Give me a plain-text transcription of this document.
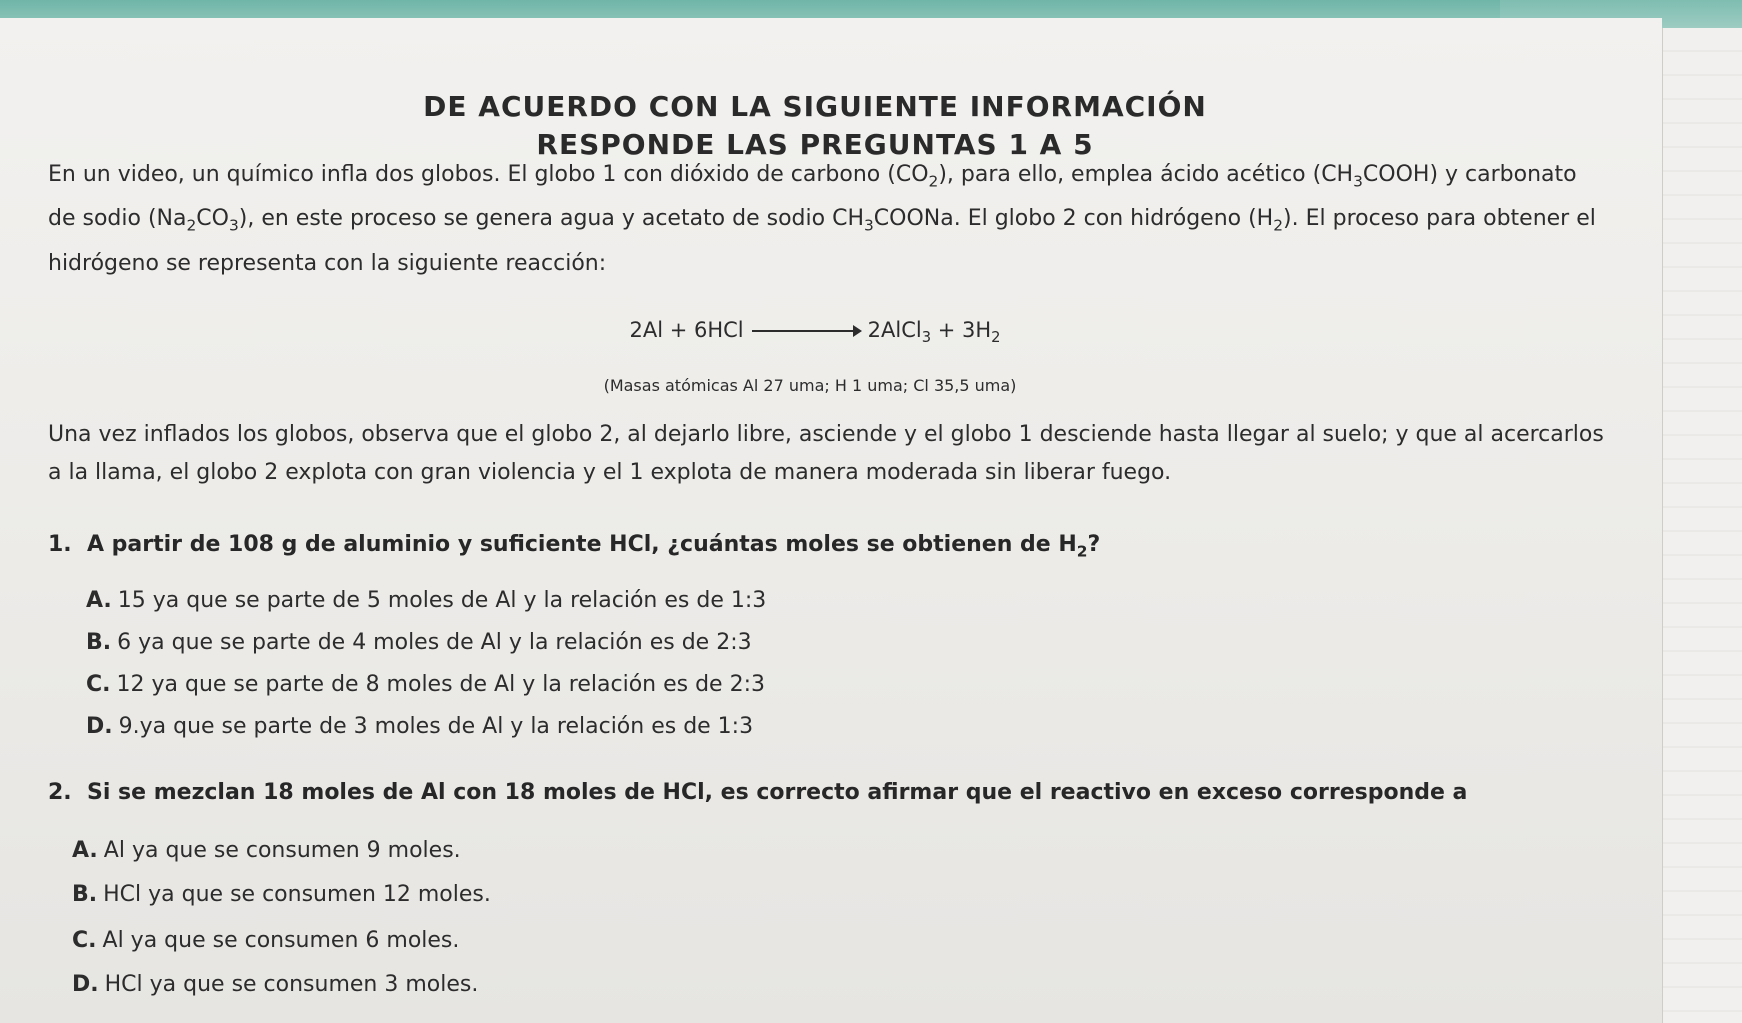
DE ACUERDO CON LA SIGUIENTE INFORMACIÓN
RESPONDE LAS PREGUNTAS 1 A 5
En un video, un químico infla dos globos. El globo 1 con dióxido de carbono $(CO_2)$, para ello, emplea ácido acético $(CH_3COOH)$ y carbonato de sodio $(Na_2CO_3)$, en este proceso se genera agua y acetato de sodio $CH_3COONa$. El globo 2 con hidrógeno $(H_2)$. El proceso para obtener el hidrógeno se representa con la siguiente reacción:
2Al + 6HCl	2AlCl$_3$ + $3H_2$
(Masas atómicas Al 27 uma; H 1 uma; Cl 35,5 uma)
Una vez inflados los globos, observa que el globo 2, al dejarlo libre, asciende y el globo 1 desciende hasta llegar al suelo; y que al acercarlos a la llama, el globo 2 explota con gran violencia y el 1 explota de manera moderada sin liberar fuego.
1. A partir de 108 g de aluminio y suficiente HCl, ¿cuántas moles se obtienen de $H_2$?
A. 15 ya que se parte de 5 moles de Al y la relación es de 1:3
B. 6 ya que se parte de 4 moles de Al y la relación es de 2:3
C. 12 ya que se parte de 8 moles de Al y la relación es de 2:3
D. 9.ya que se parte de 3 moles de Al y la relación es de 1:3
2. Si se mezclan 18 moles de Al con 18 moles de HCl, es correcto afirmar que el reactivo en exceso corresponde a
A. Al ya que se consumen 9 moles.
B. HCl ya que se consumen 12 moles.
C. Al ya que se consumen 6 moles.
D. HCl ya que se consumen 3 moles.
